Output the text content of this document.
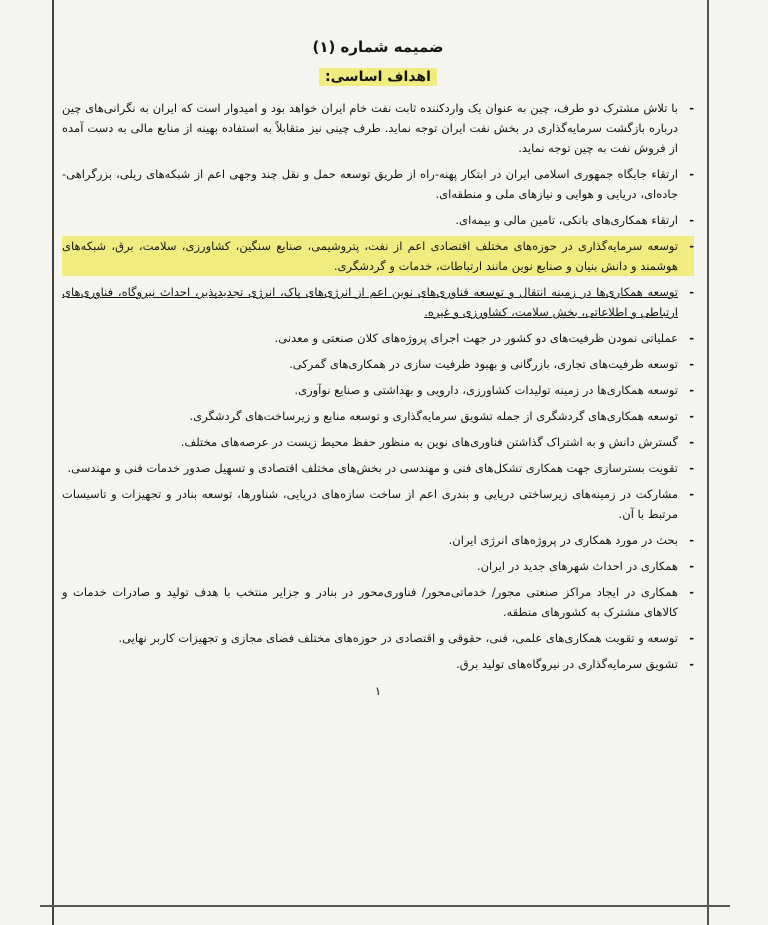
ضمیمه شماره (۱)
اهداف اساسی:
- با تلاش مشترک دو طرف، چین به عنوان یک واردکننده ثابت نفت خام ایران خواهد بود و امیدوار است که ایران به نگرانی‌های چین درباره بازگشت سرمایه‌گذاری در بخش نفت ایران توجه نماید. طرف چینی نیز متقابلاً به استفاده بهینه از منابع مالی به دست آمده از فروش نفت به چین توجه نماید.
- ارتقاء جایگاه جمهوری اسلامی ایران در ابتکار پهنه-راه از طریق توسعه حمل و نقل چند وجهی اعم از شبکه‌های ریلی، بزرگراهی-جاده‌ای، دریایی و هوایی و نیازهای ملی و منطقه‌ای.
- ارتقاء همکاری‌های بانکی، تامین مالی و بیمه‌ای.
- توسعه سرمایه‌گذاری در حوزه‌های مختلف اقتصادی اعم از نفت، پتروشیمی، صنایع سنگین، کشاورزی، سلامت، برق، شبکه‌های هوشمند و دانش بنیان و صنایع نوین مانند ارتباطات، خدمات و گردشگری.
- توسعه همکاری‌ها در زمینه انتقال و توسعه فناوری‌های نوین اعم از انرژی‌های پاک، انرژی تجدیدپذیر، احداث نیروگاه، فناوری‌های ارتباطی و اطلاعاتی، بخش سلامت، کشاورزی و غیره.
- عملیاتی نمودن ظرفیت‌های دو کشور در جهت اجرای پروژه‌های کلان صنعتی و معدنی.
- توسعه ظرفیت‌های تجاری، بازرگانی و بهبود ظرفیت سازی در همکاری‌های گمرکی.
- توسعه همکاری‌ها در زمینه تولیدات کشاورزی، دارویی و بهداشتی و صنایع نوآوری.
- توسعه همکاری‌های گردشگری از جمله تشویق سرمایه‌گذاری و توسعه منابع و زیرساخت‌های گردشگری.
- گسترش دانش و به اشتراک گذاشتن فناوری‌های نوین به منظور حفظ محیط زیست در عرصه‌های مختلف.
- تقویت بسترسازی جهت همکاری تشکل‌های فنی و مهندسی در بخش‌های مختلف اقتصادی و تسهیل صدور خدمات فنی و مهندسی.
- مشارکت در زمینه‌های زیرساختی دریایی و بندری اعم از ساخت سازه‌های دریایی، شناورها، توسعه بنادر و تجهیزات و تاسیسات مرتبط با آن.
- بحث در مورد همکاری در پروژه‌های انرژی ایران.
- همکاری در احداث شهرهای جدید در ایران.
- همکاری در ایجاد مراکز صنعتی محور/ خدماتی‌محور/ فناوری‌محور در بنادر و جزایر منتخب با هدف تولید و صادرات خدمات و کالاهای مشترک به کشورهای منطقه.
- توسعه و تقویت همکاری‌های علمی، فنی، حقوقی و اقتصادی در حوزه‌های مختلف فضای مجازی و تجهیزات کاربر نهایی.
- تشویق سرمایه‌گذاری در نیروگاه‌های تولید برق.
۱
